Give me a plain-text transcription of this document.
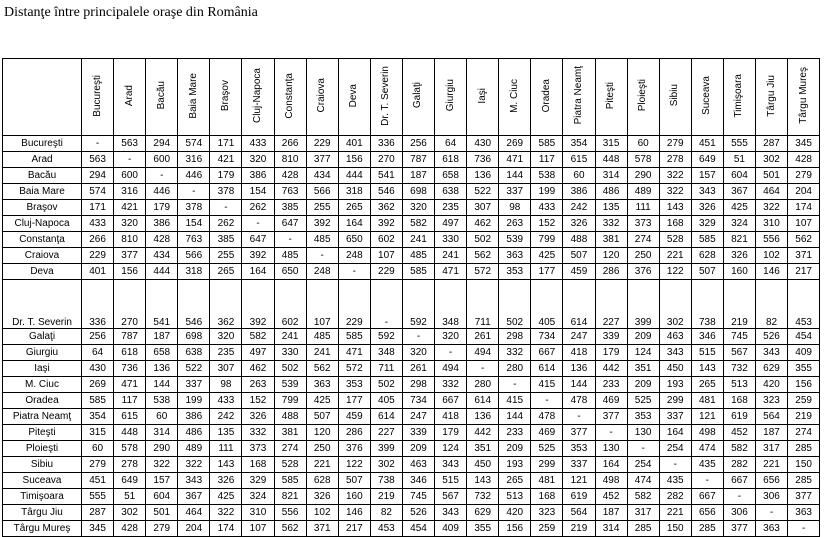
Distanţe între principalele oraşe din România
	Bucureşti	Arad	Bacău	Baia Mare	Braşov	Cluj-Napoca	Constanţa	Craiova	Deva	Dr. T. Severin	Galaţi	Giurgiu	Iaşi	M. Ciuc	Oradea	Piatra Neamţ	Piteşti	Ploieşti	Sibiu	Suceava	Timişoara	Târgu Jiu	Târgu Mureş
Bucureşti	-	563	294	574	171	433	266	229	401	336	256	64	430	269	585	354	315	60	279	451	555	287	345
Arad	563	-	600	316	421	320	810	377	156	270	787	618	736	471	117	615	448	578	278	649	51	302	428
Bacău	294	600	-	446	179	386	428	434	444	541	187	658	136	144	538	60	314	290	322	157	604	501	279
Baia Mare	574	316	446	-	378	154	763	566	318	546	698	638	522	337	199	386	486	489	322	343	367	464	204
Braşov	171	421	179	378	-	262	385	255	265	362	320	235	307	98	433	242	135	111	143	326	425	322	174
Cluj-Napoca	433	320	386	154	262	-	647	392	164	392	582	497	462	263	152	326	332	373	168	329	324	310	107
Constanţa	266	810	428	763	385	647	-	485	650	602	241	330	502	539	799	488	381	274	528	585	821	556	562
Craiova	229	377	434	566	255	392	485	-	248	107	485	241	562	363	425	507	120	250	221	628	326	102	371
Deva	401	156	444	318	265	164	650	248	-	229	585	471	572	353	177	459	286	376	122	507	160	146	217
Dr. T. Severin	336	270	541	546	362	392	602	107	229	-	592	348	711	502	405	614	227	399	302	738	219	82	453
Galaţi	256	787	187	698	320	582	241	485	585	592	-	320	261	298	734	247	339	209	463	346	745	526	454
Giurgiu	64	618	658	638	235	497	330	241	471	348	320	-	494	332	667	418	179	124	343	515	567	343	409
Iaşi	430	736	136	522	307	462	502	562	572	711	261	494	-	280	614	136	442	351	450	143	732	629	355
M. Ciuc	269	471	144	337	98	263	539	363	353	502	298	332	280	-	415	144	233	209	193	265	513	420	156
Oradea	585	117	538	199	433	152	799	425	177	405	734	667	614	415	-	478	469	525	299	481	168	323	259
Piatra Neamţ	354	615	60	386	242	326	488	507	459	614	247	418	136	144	478	-	377	353	337	121	619	564	219
Piteşti	315	448	314	486	135	332	381	120	286	227	339	179	442	233	469	377	-	130	164	498	452	187	274
Ploieşti	60	578	290	489	111	373	274	250	376	399	209	124	351	209	525	353	130	-	254	474	582	317	285
Sibiu	279	278	322	322	143	168	528	221	122	302	463	343	450	193	299	337	164	254	-	435	282	221	150
Suceava	451	649	157	343	326	329	585	628	507	738	346	515	143	265	481	121	498	474	435	-	667	656	285
Timişoara	555	51	604	367	425	324	821	326	160	219	745	567	732	513	168	619	452	582	282	667	-	306	377
Târgu Jiu	287	302	501	464	322	310	556	102	146	82	526	343	629	420	323	564	187	317	221	656	306	-	363
Târgu Mureş	345	428	279	204	174	107	562	371	217	453	454	409	355	156	259	219	314	285	150	285	377	363	-
